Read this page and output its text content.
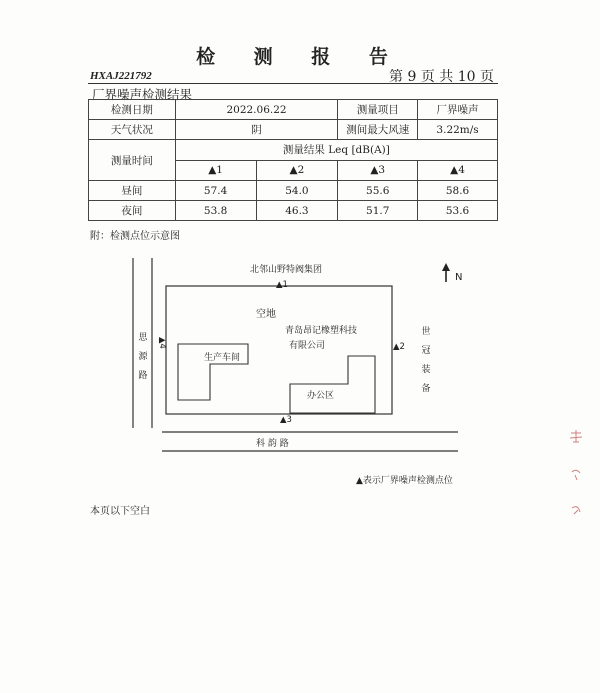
检 测 报 告
HXAJ221792	第 9 页 共 10 页
厂界噪声检测结果
检测日期	2022.06.22		测量项目	厂界噪声
天气状况	阴		测间最大风速	3.22m/s
测量时间	测量结果 Leq [dB(A)]			
	▲1	▲2	▲3	▲4
昼间	57.4	54.0	55.6	58.6
夜间	53.8	46.3	51.7	53.6
附：检测点位示意图
北邻山野特阀集团
N
▲1
空地
青岛昂记橡塑科技
有限公司
生产车间
办公区
▲2
▲3
▲4
思
源
路
科 韵 路
世
冠
装
备
▲表示厂界噪声检测点位
本页以下空白
